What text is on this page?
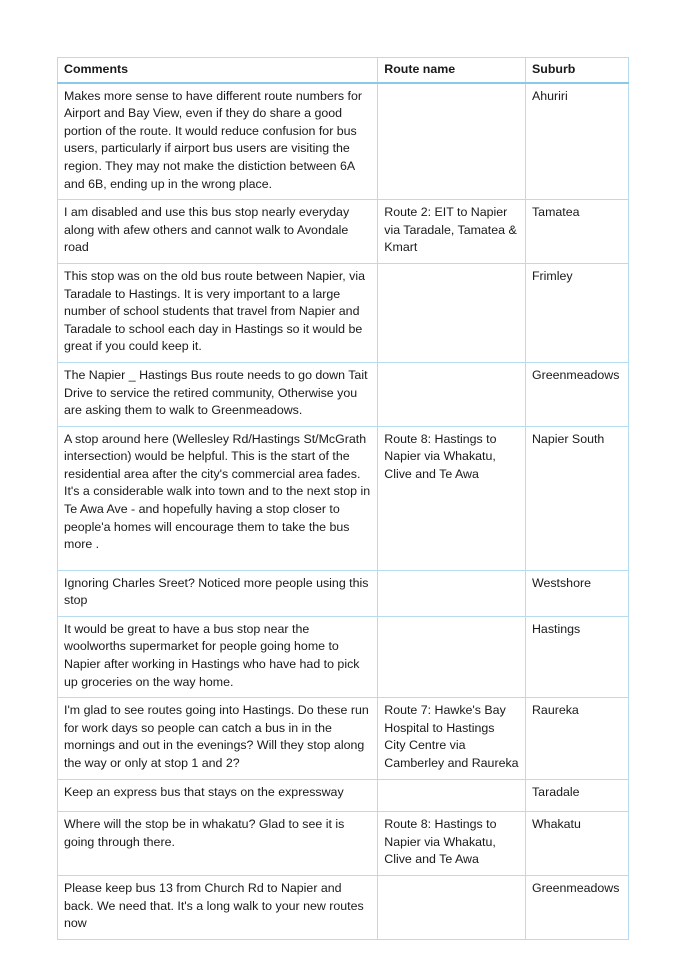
Comments	Route name	Suburb
Makes more sense to have different route numbers for Airport and Bay View, even if they do share a good portion of the route. It would reduce confusion for bus users, particularly if airport bus users are visiting the region. They may not make the distiction between 6A and 6B, ending up in the wrong place.		Ahuriri
I am disabled and use this bus stop nearly everyday along with afew others and cannot walk to Avondale road	Route 2: EIT to Napier via Taradale, Tamatea & Kmart	Tamatea
This stop was on the old bus route between Napier, via Taradale to Hastings. It is very important to a large number of school students that travel from Napier and Taradale to school each day in Hastings so it would be great if you could keep it.		Frimley
The Napier _ Hastings Bus route needs to go down Tait Drive to service the retired community, Otherwise you are asking them to walk to Greenmeadows.		Greenmeadows
A stop around here (Wellesley Rd/Hastings St/McGrath intersection) would be helpful. This is the start of the residential area after the city's commercial area fades. It's a considerable walk into town and to the next stop in Te Awa Ave - and hopefully having a stop closer to people'a homes will encourage them to take the bus more .	Route 8: Hastings to Napier via Whakatu, Clive and Te Awa	Napier South
Ignoring Charles Sreet? Noticed more people using this stop		Westshore
It would be great to have a bus stop near the woolworths supermarket for people going home to Napier after working in Hastings who have had to pick up groceries on the way home.		Hastings
I'm glad to see routes going into Hastings. Do these run for work days so people can catch a bus in in the mornings and out in the evenings? Will they stop along the way or only at stop 1 and 2?	Route 7: Hawke's Bay Hospital to Hastings City Centre via Camberley and Raureka	Raureka
Keep an express bus that stays on the expressway		Taradale
Where will the stop be in whakatu? Glad to see it is going through there.	Route 8: Hastings to Napier via Whakatu, Clive and Te Awa	Whakatu
Please keep bus 13 from Church Rd to Napier and back. We need that. It's a long walk to your new routes now		Greenmeadows
